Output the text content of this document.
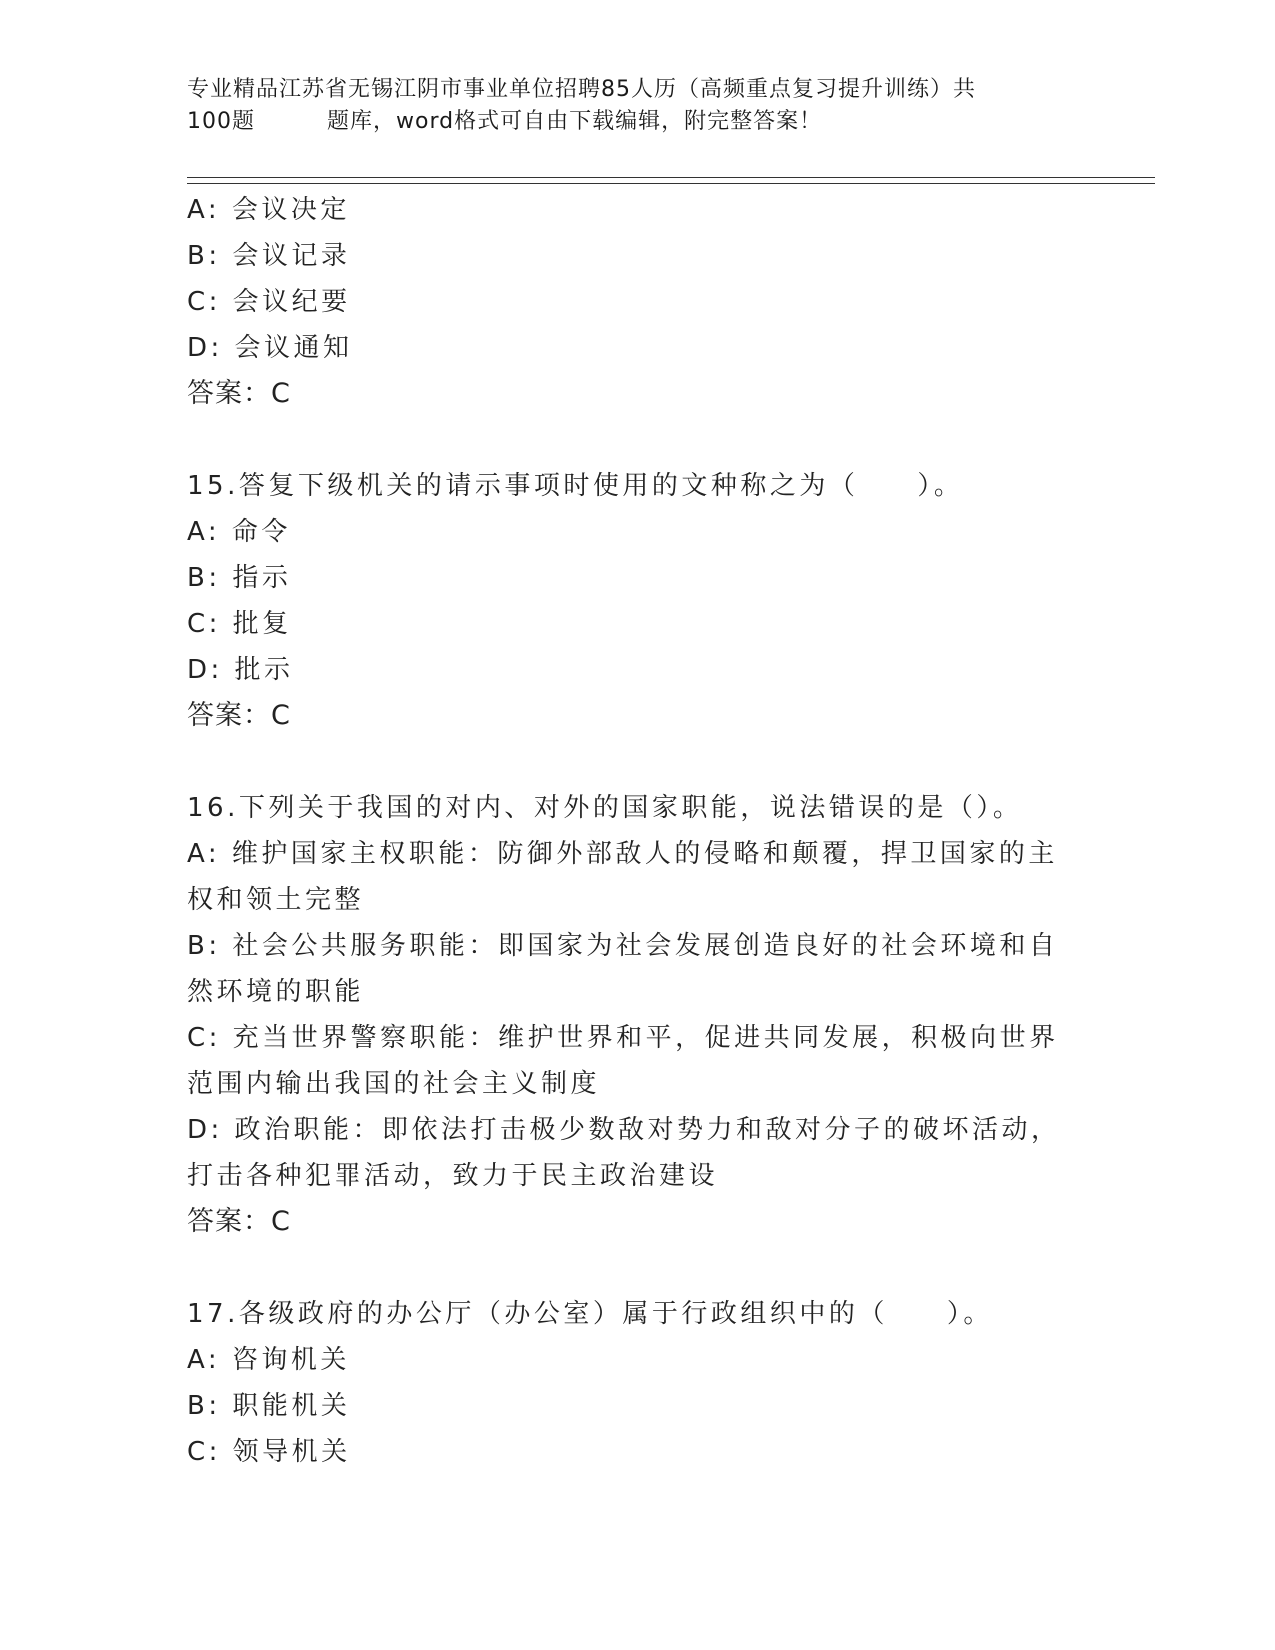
专业精品江苏省无锡江阴市事业单位招聘85人历（高频重点复习提升训练）共
100题	题库，word格式可自由下载编辑，附完整答案！
A: 会议决定
B: 会议记录
C: 会议纪要
D: 会议通知
答案：C
15.答复下级机关的请示事项时使用的文种称之为（　　）。
A: 命令
B: 指示
C: 批复
D: 批示
答案：C
16.下列关于我国的对内、对外的国家职能，说法错误的是（）。
A: 维护国家主权职能：防御外部敌人的侵略和颠覆，捍卫国家的主权和领土完整
B: 社会公共服务职能：即国家为社会发展创造良好的社会环境和自然环境的职能
C: 充当世界警察职能：维护世界和平，促进共同发展，积极向世界范围内输出我国的社会主义制度
D: 政治职能：即依法打击极少数敌对势力和敌对分子的破坏活动，打击各种犯罪活动，致力于民主政治建设
答案：C
17.各级政府的办公厅（办公室）属于行政组织中的（　　）。
A: 咨询机关
B: 职能机关
C: 领导机关
